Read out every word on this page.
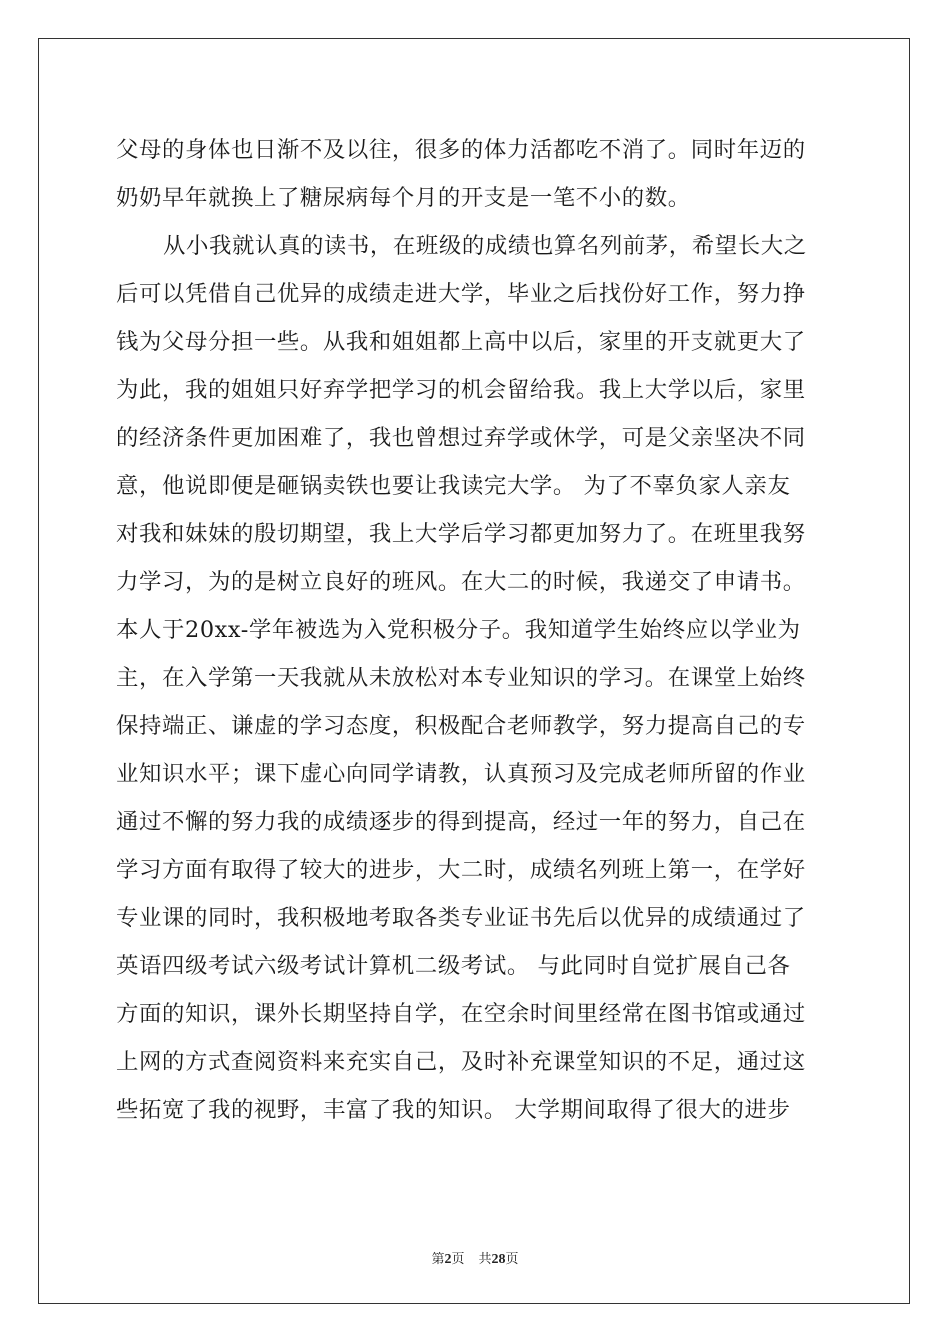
父母的身体也日渐不及以往，很多的体力活都吃不消了。同时年迈的
奶奶早年就换上了糖尿病每个月的开支是一笔不小的数。
从小我就认真的读书，在班级的成绩也算名列前茅，希望长大之
后可以凭借自己优异的成绩走进大学，毕业之后找份好工作，努力挣
钱为父母分担一些。从我和姐姐都上高中以后，家里的开支就更大了
为此，我的姐姐只好弃学把学习的机会留给我。我上大学以后，家里
的经济条件更加困难了，我也曾想过弃学或休学，可是父亲坚决不同
意，他说即便是砸锅卖铁也要让我读完大学。 为了不辜负家人亲友
对我和妹妹的殷切期望，我上大学后学习都更加努力了。在班里我努
力学习，为的是树立良好的班风。在大二的时候，我递交了申请书。
本人于20xx-学年被选为入党积极分子。我知道学生始终应以学业为
主，在入学第一天我就从未放松对本专业知识的学习。在课堂上始终
保持端正、谦虚的学习态度，积极配合老师教学，努力提高自己的专
业知识水平；课下虚心向同学请教，认真预习及完成老师所留的作业
通过不懈的努力我的成绩逐步的得到提高，经过一年的努力，自己在
学习方面有取得了较大的进步，大二时，成绩名列班上第一，在学好
专业课的同时，我积极地考取各类专业证书先后以优异的成绩通过了
英语四级考试六级考试计算机二级考试。 与此同时自觉扩展自己各
方面的知识，课外长期坚持自学，在空余时间里经常在图书馆或通过
上网的方式查阅资料来充实自己，及时补充课堂知识的不足，通过这
些拓宽了我的视野，丰富了我的知识。 大学期间取得了很大的进步
第2页 共28页
